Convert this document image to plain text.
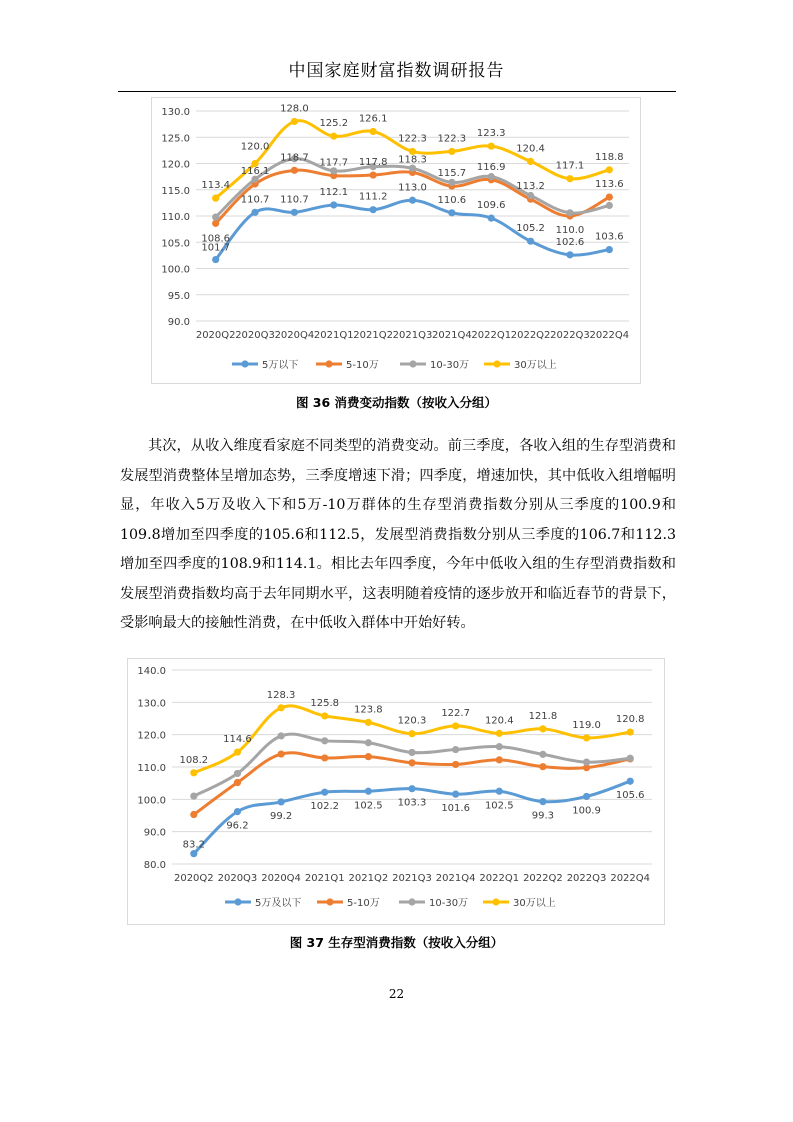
中国家庭财富指数调研报告
90.0
95.0
100.0
105.0
110.0
115.0
120.0
125.0
130.0
2020Q2 2020Q3 2020Q4 2021Q1 2021Q2 2021Q3 2021Q4 2022Q1 2022Q2 2022Q3 2022Q4
101.7
110.7 110.7
112.1 111.2
113.0
110.6 109.6
105.2
102.6 103.6
108.6
116.1
118.7 117.7 117.8 118.3
115.7
116.9
113.2
110.0
113.6
113.4
120.0
128.0
125.2 126.1
122.3 122.3 123.3
120.4
117.1
118.8
5万以下	5-10万	10-30万	30万以上
图 36 消费变动指数（按收入分组）
其次，从收入维度看家庭不同类型的消费变动。前三季度，各收入组的生存型消费和发展型消费整体呈增加态势，三季度增速下滑；四季度，增速加快，其中低收入组增幅明显，年收入5万及收入下和5万-10万群体的生存型消费指数分别从三季度的100.9和109.8增加至四季度的105.6和112.5，发展型消费指数分别从三季度的106.7和112.3增加至四季度的108.9和114.1。相比去年四季度，今年中低收入组的生存型消费指数和发展型消费指数均高于去年同期水平，这表明随着疫情的逐步放开和临近春节的背景下，受影响最大的接触性消费，在中低收入群体中开始好转。
80.0
90.0
100.0
110.0
120.0
130.0
140.0
2020Q2 2020Q3 2020Q4 2021Q1 2021Q2 2021Q3 2021Q4 2022Q1 2022Q2 2022Q3 2022Q4
83.2
96.2
99.2
102.2 102.5 103.3 101.6 102.5
99.3 100.9
105.6
108.2
114.6
128.3
125.8
123.8
120.3
122.7
120.4 121.8
119.0
120.8
5万及以下	5-10万	10-30万	30万以上
图 37 生存型消费指数（按收入分组）
22
